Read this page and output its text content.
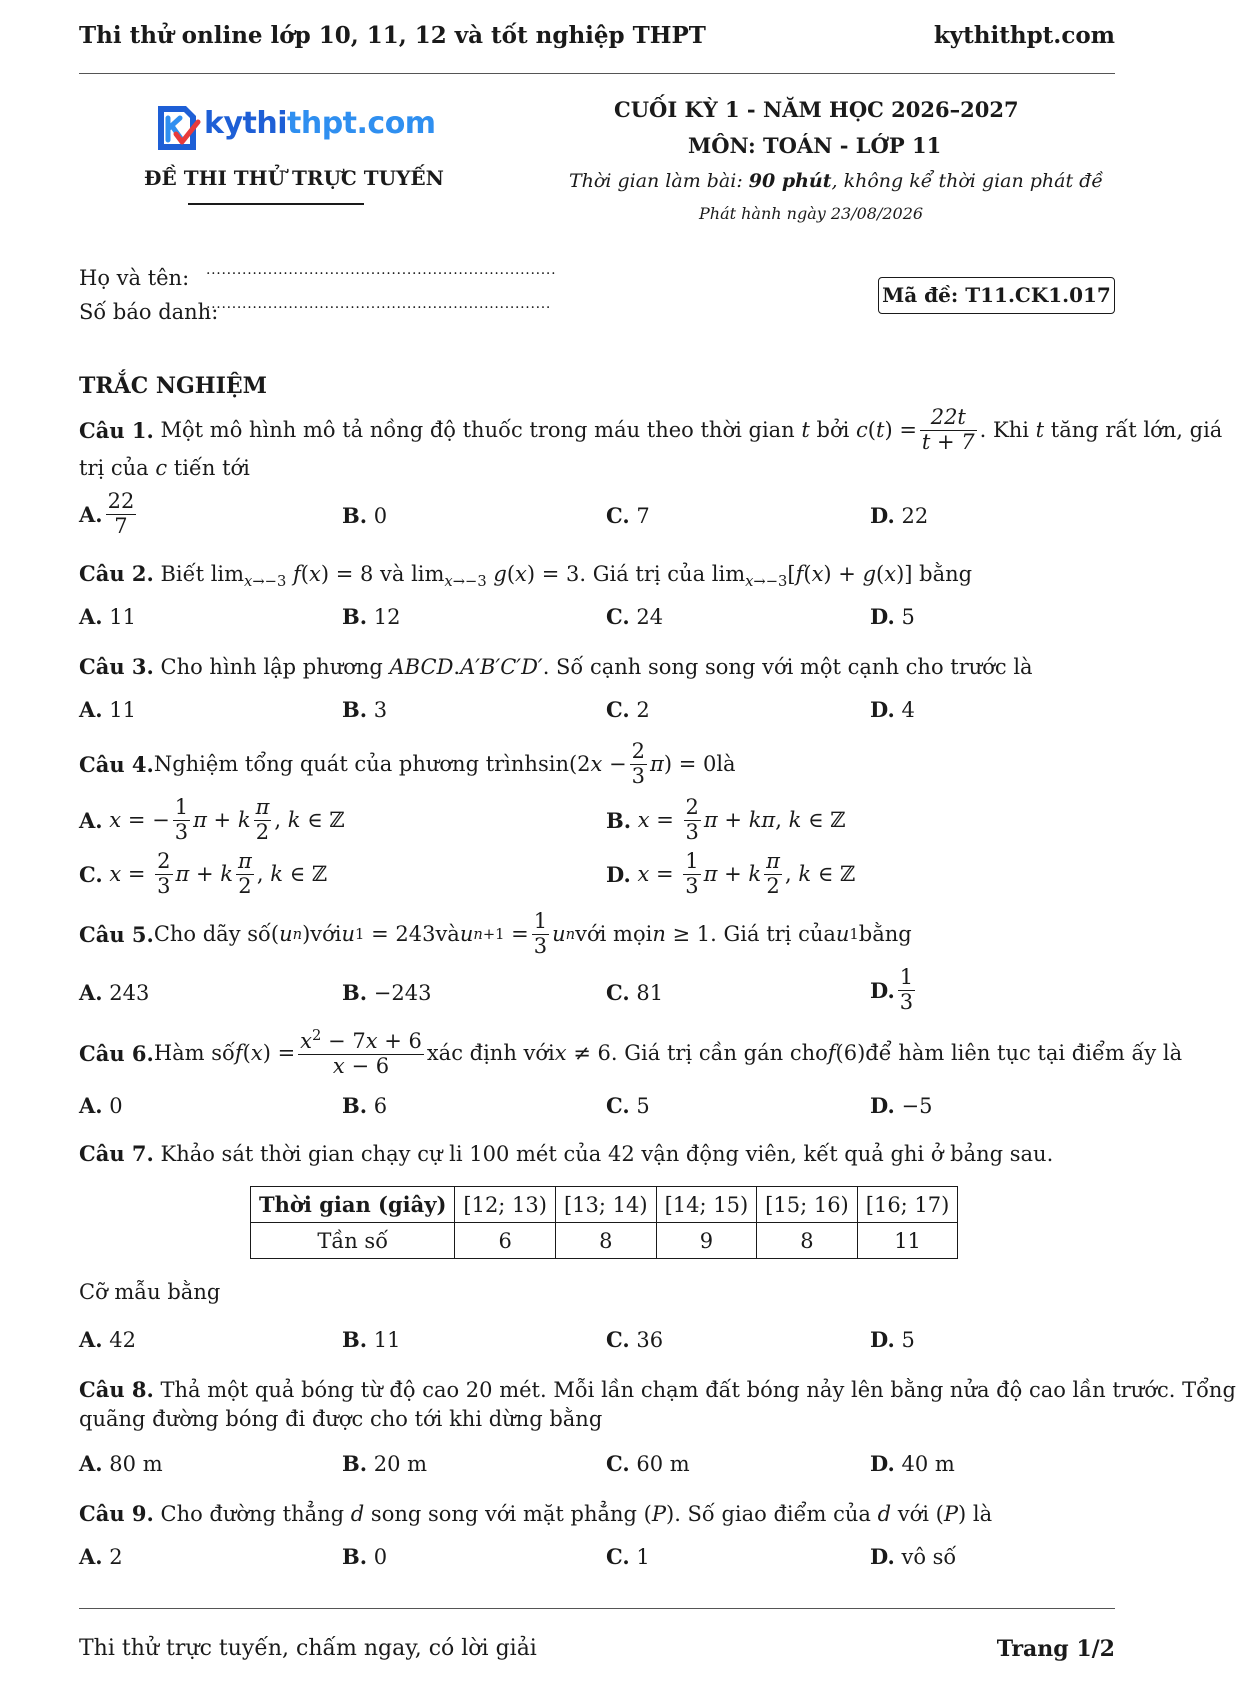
Thi thử online lớp 10, 11, 12 và tốt nghiệp THPT	kythithpt.com
kythithpt.com
ĐỀ THI THỬ TRỰC TUYẾN
CUỐI KỲ 1 - NĂM HỌC 2026–2027
MÔN: TOÁN - LỚP 11
Thời gian làm bài: 90 phút, không kể thời gian phát đề
Phát hành ngày 23/08/2026
Họ và tên: ....................................................................
Số báo danh:
...................................................................	Mã đề: T11.CK1.017
TRẮC NGHIỆM
Câu 1.
Một mô hình mô tả nồng độ thuốc trong máu theo thời gian
t
bởi
c ( t ) = $\frac{22t}{t + 7}$ . Khi
t
tăng rất lớn, giá
trị của c tiến tới
A. $\frac{22}{7}$	B. 0	C. 7	D. 22
Câu 2. Biết $\lim_{x\to-3} f(x) = 8$ và $\lim_{x\to-3} g(x) = 3$. Giá trị của $\lim_{x\to-3}[f(x) + g(x)]$ bằng
A. 11	B. 12	C. 24	D. 5
Câu 3. Cho hình lập phương ABCD.A′B′C′D′. Số cạnh song song với một cạnh cho trước là
A. 11	B. 3	C. 2	D. 4
Câu 4. Nghiệm tổng quát của phương trình sin(2 $x - \frac{2}{3}$ π ) = 0 là
A.
x = − $\frac{1}{3}$ π + k $\frac{\pi}{2}$ , k ∈ ℤ	B.
$x = \frac{2}{3}$ π + kπ , k ∈ ℤ
C.
$x = \frac{2}{3}$ π + k $\frac{\pi}{2}$ , k ∈ ℤ	D.
$x = \frac{1}{3}$ π + k $\frac{\pi}{2}$ , k ∈ ℤ
Câu 5. Cho dãy số ( u n ) với u 1 = 243 và u $n+1 = \frac{1}{3}$ u n với mọi n ≥ 1 . Giá trị của u 1 bằng
A. 243	B. −243	C. 81	D. $\frac{1}{3}$
Câu 6. Hàm số f ( x ) = $\frac{x^2 - 7x + 6}{x - 6}$ xác định với x ≠ 6 . Giá trị cần gán cho f (6) để hàm liên tục tại điểm ấy là
A. 0	B. 6	C. 5	D. −5
Câu 7. Khảo sát thời gian chạy cự li 100 mét của 42 vận động viên, kết quả ghi ở bảng sau.
Thời gian (giây)	[12; 13)	[13; 14)	[14; 15)	[15; 16)	[16; 17)
Tần số	6	8	9	8	11
Cỡ mẫu bằng
A. 42	B. 11	C. 36	D. 5
Câu 8. Thả một quả bóng từ độ cao 20 mét. Mỗi lần chạm đất bóng nảy lên bằng nửa độ cao lần trước. Tổng
quãng đường bóng đi được cho tới khi dừng bằng
A. 80 m	B. 20 m	C. 60 m	D. 40 m
Câu 9. Cho đường thẳng d song song với mặt phẳng (P). Số giao điểm của d với (P) là
A. 2	B. 0	C. 1	D. vô số
Thi thử trực tuyến, chấm ngay, có lời giải	Trang 1/2
